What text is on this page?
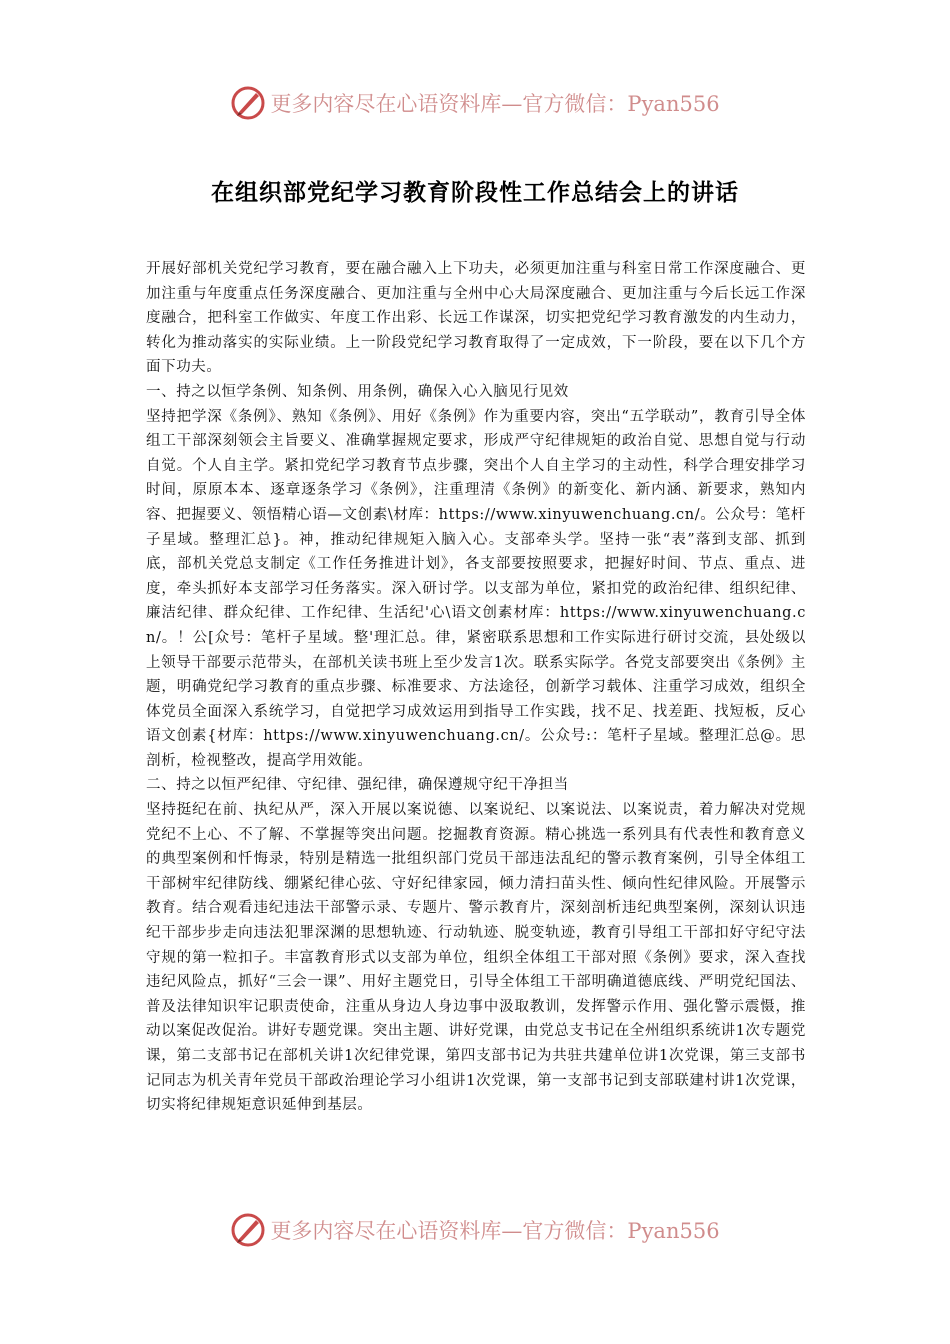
更多内容尽在心语资料库—官方微信：Pyan556
在组织部党纪学习教育阶段性工作总结会上的讲话

开展好部机关党纪学习教育，要在融合融入上下功夫，必须更加注重与科室日常工作深度融合、更加注重与年度重点任务深度融合、更加注重与全州中心大局深度融合、更加注重与今后长远工作深度融合，把科室工作做实、年度工作出彩、长远工作谋深，切实把党纪学习教育激发的内生动力，转化为推动落实的实际业绩。上一阶段党纪学习教育取得了一定成效，下一阶段，要在以下几个方面下功夫。

一、持之以恒学条例、知条例、用条例，确保入心入脑见行见效

坚持把学深《条例》、熟知《条例》、用好《条例》作为重要内容，突出“五学联动”，教育引导全体组工干部深刻领会主旨要义、准确掌握规定要求，形成严守纪律规矩的政治自觉、思想自觉与行动自觉。个人自主学。紧扣党纪学习教育节点步骤，突出个人自主学习的主动性，科学合理安排学习时间，原原本本、逐章逐条学习《条例》，注重理清《条例》的新变化、新内涵、新要求，熟知内容、把握要义、领悟精心语—文创素\材库：https://www.xinyuwenchuang.cn/。公众号：笔杆子星域。整理汇总}。神，推动纪律规矩入脑入心。支部牵头学。坚持一张“表”落到支部、抓到底，部机关党总支制定《工作任务推进计划》，各支部要按照要求，把握好时间、节点、重点、进度，牵头抓好本支部学习任务落实。深入研讨学。以支部为单位，紧扣党的政治纪律、组织纪律、廉洁纪律、群众纪律、工作纪律、生活纪'心\语文创素材库：https://www.xinyuwenchuang.cn/。！公[众号：笔杆子星域。整'理汇总。律，紧密联系思想和工作实际进行研讨交流，县处级以上领导干部要示范带头，在部机关读书班上至少发言1次。联系实际学。各党支部要突出《条例》主题，明确党纪学习教育的重点步骤、标准要求、方法途径，创新学习载体、注重学习成效，组织全体党员全面深入系统学习，自觉把学习成效运用到指导工作实践，找不足、找差距、找短板，反心语文创素{材库：https://www.xinyuwenchuang.cn/。公众号:：笔杆子星域。整理汇总@。思剖析，检视整改，提高学用效能。

二、持之以恒严纪律、守纪律、强纪律，确保遵规守纪干净担当

坚持挺纪在前、执纪从严，深入开展以案说德、以案说纪、以案说法、以案说责，着力解决对党规党纪不上心、不了解、不掌握等突出问题。挖掘教育资源。精心挑选一系列具有代表性和教育意义的典型案例和忏悔录，特别是精选一批组织部门党员干部违法乱纪的警示教育案例，引导全体组工干部树牢纪律防线、绷紧纪律心弦、守好纪律家园，倾力清扫苗头性、倾向性纪律风险。开展警示教育。结合观看违纪违法干部警示录、专题片、警示教育片，深刻剖析违纪典型案例，深刻认识违纪干部步步走向违法犯罪深渊的思想轨迹、行动轨迹、脱变轨迹，教育引导组工干部扣好守纪守法守规的第一粒扣子。丰富教育形式以支部为单位，组织全体组工干部对照《条例》要求，深入查找违纪风险点，抓好“三会一课”、用好主题党日，引导全体组工干部明确道德底线、严明党纪国法、普及法律知识牢记职责使命，注重从身边人身边事中汲取教训，发挥警示作用、强化警示震慑，推动以案促改促治。讲好专题党课。突出主题、讲好党课，由党总支书记在全州组织系统讲1次专题党课，第二支部书记在部机关讲1次纪律党课，第四支部书记为共驻共建单位讲1次党课，第三支部书记同志为机关青年党员干部政治理论学习小组讲1次党课，第一支部书记到支部联建村讲1次党课，切实将纪律规矩意识延伸到基层。

更多内容尽在心语资料库—官方微信：Pyan556
